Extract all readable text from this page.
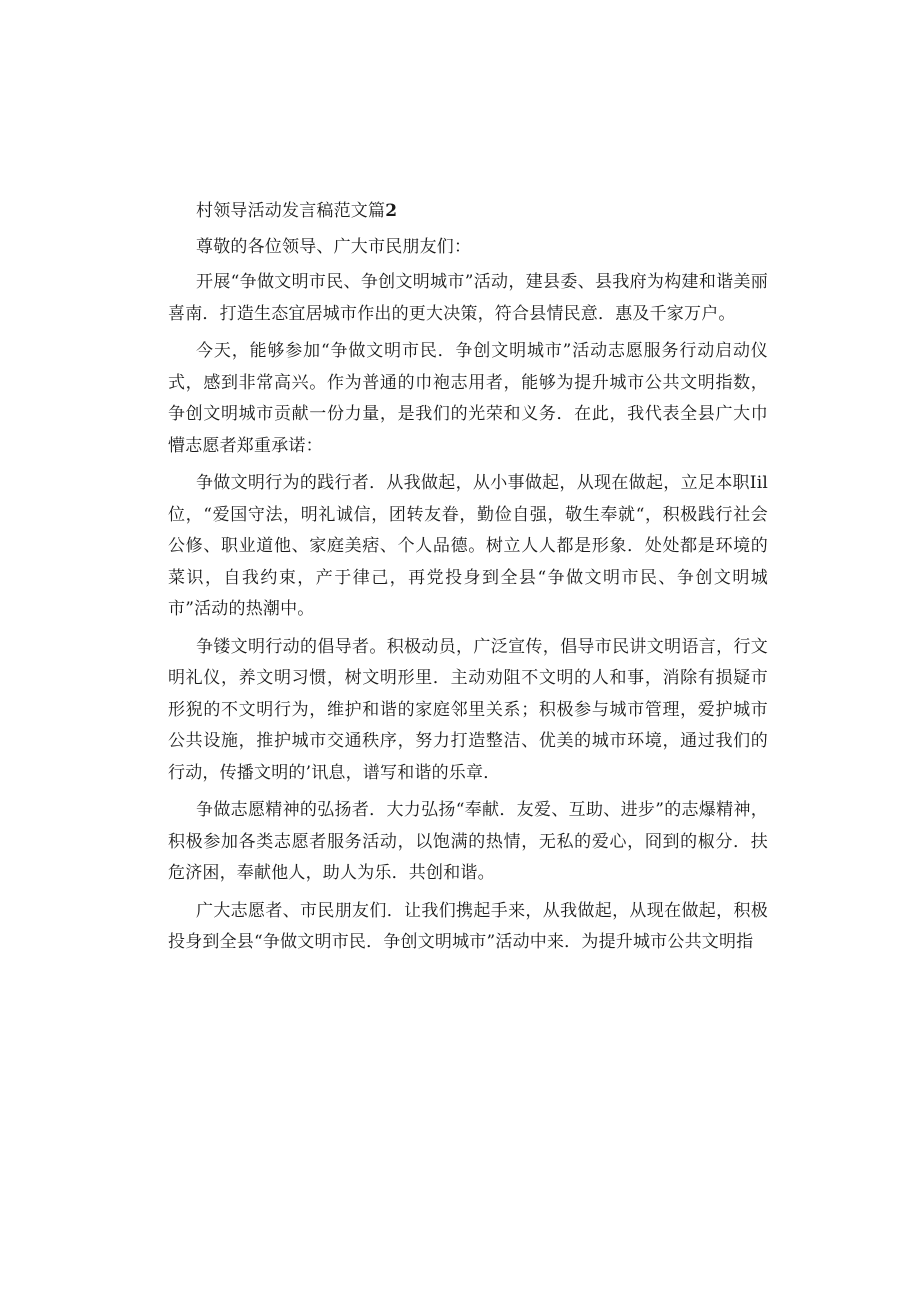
村领导活动发言稿范文篇2

尊敬的各位领导、广大市民朋友们：

开展“争做文明市民、争创文明城市”活动，建县委、县我府为构建和谐美丽喜南．打造生态宜居城市作出的更大决策，符合县情民意．惠及千家万户。

今天，能够参加“争做文明市民．争创文明城市”活动志愿服务行动启动仪式，感到非常高兴。作为普通的巾袍志用者，能够为提升城市公共文明指数，争创文明城市贡献一份力量，是我们的光荣和义务．在此，我代表全县广大巾懵志愿者郑重承诺：

争做文明行为的践行者．从我做起，从小事做起，从现在做起，立足本职Iil位，“爱国守法，明礼诚信，团转友眷，勤俭自强，敬生奉就“，积极践行社会公修、职业道他、家庭美痞、个人品德。树立人人都是形象．处处都是环境的菜识，自我约束，产于律己，再党投身到全县“争做文明市民、争创文明城市”活动的热潮中。

争镂文明行动的倡导者。积极动员，广泛宣传，倡导市民讲文明语言，行文明礼仪，养文明习惯，树文明形里．主动劝阻不文明的人和事，消除有损疑市形猊的不文明行为，维护和谐的家庭邻里关系；积极参与城市管理，爱护城市公共设施，推护城市交通秩序，努力打造整洁、优美的城市环境，通过我们的行动，传播文明的’讯息，谱写和谐的乐章．

争做志愿精神的弘扬者．大力弘扬“奉献．友爱、互助、进步”的志爆精神，积极参加各类志愿者服务活动，以饱满的热情，无私的爱心，冏到的椒分．扶危济困，奉献他人，助人为乐．共创和谐。

广大志愿者、市民朋友们．让我们携起手来，从我做起，从现在做起，积极投身到全县“争做文明市民．争创文明城市”活动中来．为提升城市公共文明指
